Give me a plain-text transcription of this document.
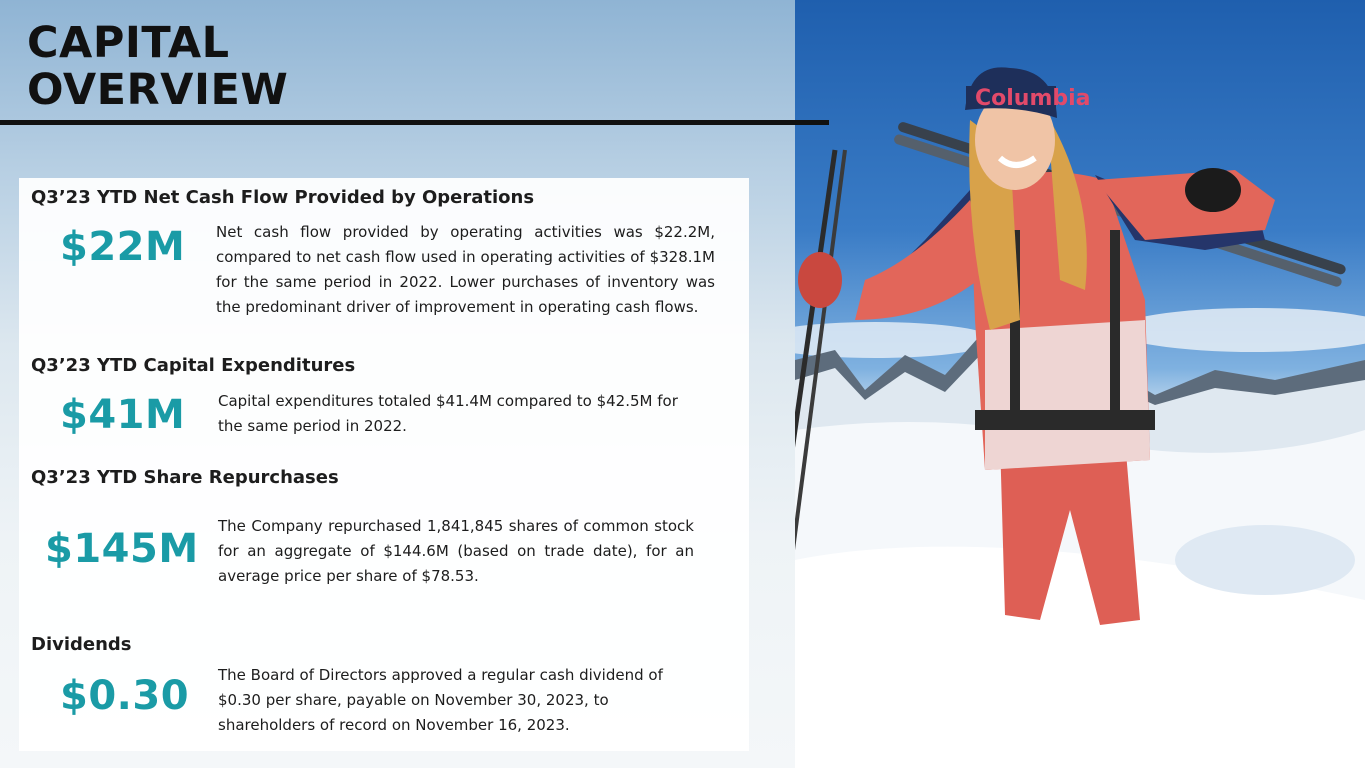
Columbia
CAPITAL
OVERVIEW
Q3’23 YTD Net Cash Flow Provided by Operations
$22M Net cash flow provided by operating activities was $22.2M, compared to net cash flow used in operating activities of $328.1M for the same period in 2022. Lower purchases of inventory was the predominant driver of improvement in operating cash flows.

Q3’23 YTD Capital Expenditures
$41M Capital expenditures totaled $41.4M compared to $42.5M for the same period in 2022.

Q3’23 YTD Share Repurchases
$145M The Company repurchased 1,841,845 shares of common stock for an aggregate of $144.6M (based on trade date), for an average price per share of $78.53.

Dividends
$0.30 The Board of Directors approved a regular cash dividend of $0.30 per share, payable on November 30, 2023, to shareholders of record on November 16, 2023.
